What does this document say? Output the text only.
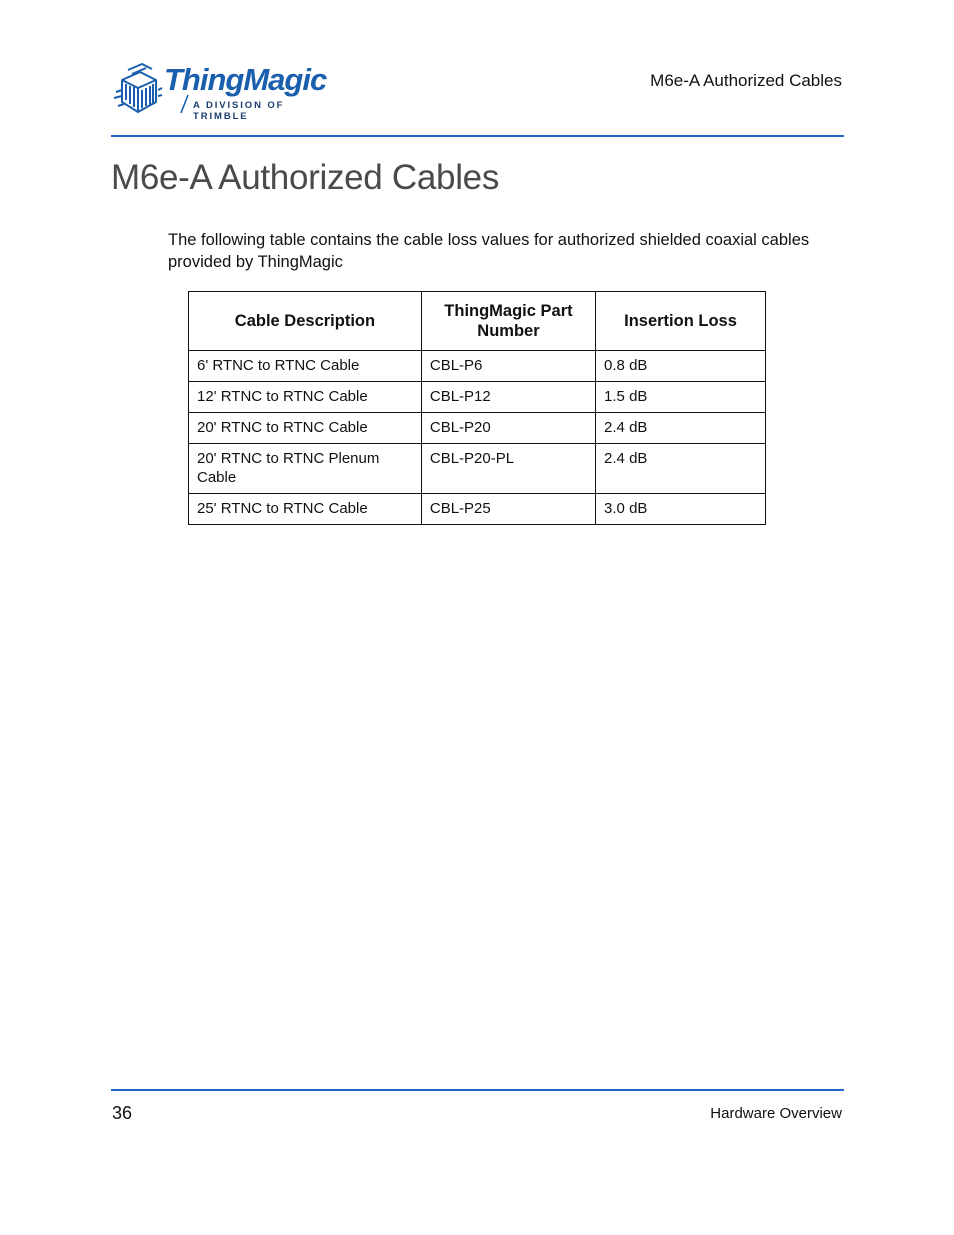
ThingMagic
A DIVISION OF TRIMBLE
M6e-A Authorized Cables
M6e-A Authorized Cables

The following table contains the cable loss values for authorized shielded coaxial cables provided by ThingMagic

Cable Description	ThingMagic Part Number	Insertion Loss
6' RTNC to RTNC Cable	CBL-P6	0.8 dB
12' RTNC to RTNC Cable	CBL-P12	1.5 dB
20' RTNC to RTNC Cable	CBL-P20	2.4 dB
20' RTNC to RTNC Plenum Cable	CBL-P20-PL	2.4 dB
25' RTNC to RTNC Cable	CBL-P25	3.0 dB
36	Hardware Overview
